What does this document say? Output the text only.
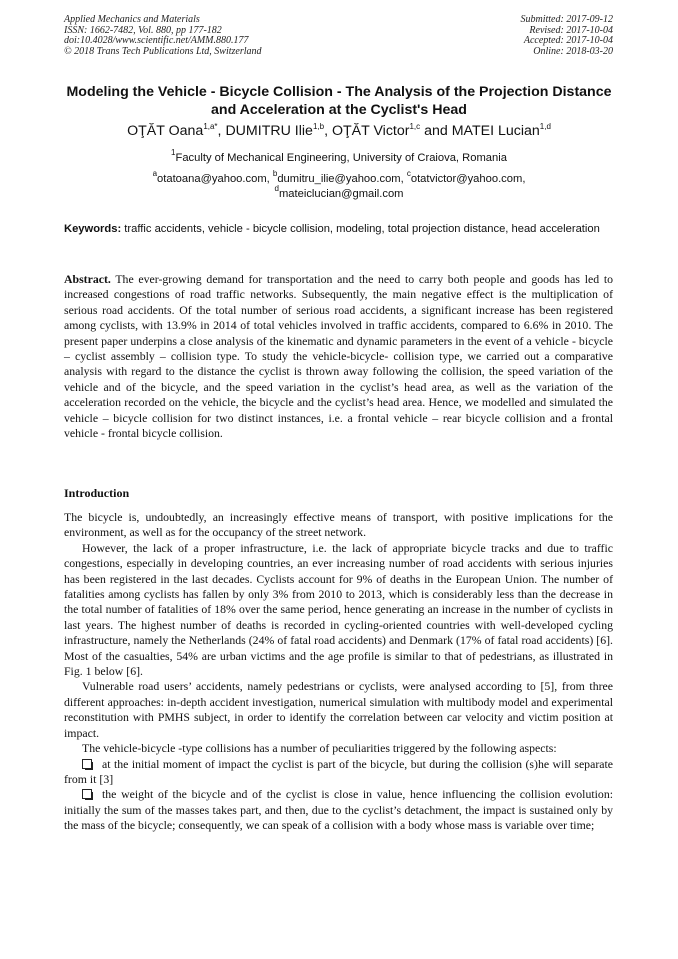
Applied Mechanics and Materials
ISSN: 1662-7482, Vol. 880, pp 177-182
doi:10.4028/www.scientific.net/AMM.880.177
© 2018 Trans Tech Publications Ltd, Switzerland
Submitted: 2017-09-12
Revised: 2017-10-04
Accepted: 2017-10-04
Online: 2018-03-20
Modeling the Vehicle - Bicycle Collision - The Analysis of the Projection Distance and Acceleration at the Cyclist's Head
OŢĂT Oana$^{1,a*}$, DUMITRU Ilie$^{1,b}$, OŢĂT Victor$^{1,c}$ and MATEI Lucian$^{1,d}$
$^1$Faculty of Mechanical Engineering, University of Craiova, Romania
$^a$otatoana@yahoo.com, $^b$dumitru_ilie@yahoo.com, $^c$otatvictor@yahoo.com,
$^d$mateiclucian@gmail.com
Keywords: traffic accidents, vehicle - bicycle collision, modeling, total projection distance, head acceleration

Abstract. The ever-growing demand for transportation and the need to carry both people and goods has led to increased congestions of road traffic networks. Subsequently, the main negative effect is the multiplication of serious road accidents. Of the total number of serious road accidents, a significant increase has been registered among cyclists, with 13.9% in 2014 of total vehicles involved in traffic accidents, compared to 6.6% in 2010. The present paper underpins a close analysis of the kinematic and dynamic parameters in the event of a vehicle - bicycle – cyclist assembly – collision type. To study the vehicle-bicycle- collision type, we carried out a comparative analysis with regard to the distance the cyclist is thrown away following the collision, the speed variation of the vehicle and of the bicycle, and the speed variation in the cyclist’s head area, as well as the variation of the acceleration recorded on the vehicle, the bicycle and the cyclist’s head area. Hence, we modelled and simulated the vehicle – bicycle collision for two distinct instances, i.e. a frontal vehicle – rear bicycle collision and a frontal vehicle - frontal bicycle collision.

Introduction

The bicycle is, undoubtedly, an increasingly effective means of transport, with positive implications for the environment, as well as for the occupancy of the street network.

However, the lack of a proper infrastructure, i.e. the lack of appropriate bicycle tracks and due to traffic congestions, especially in developing countries, an ever increasing number of road accidents with serious injuries has been registered in the last decades. Cyclists account for 9% of deaths in the European Union. The number of fatalities among cyclists has fallen by only 3% from 2010 to 2013, which is considerably less than the decrease in the total number of fatalities of 18% over the same period, hence generating an increase in the number of cyclists in last years. The highest number of deaths is recorded in cycling-oriented countries with well-developed cycling infrastructure, namely the Netherlands (24% of fatal road accidents) and Denmark (17% of fatal road accidents) [6]. Most of the casualties, 54% are urban victims and the age profile is similar to that of pedestrians, as illustrated in Fig. 1 below [6].

Vulnerable road users’ accidents, namely pedestrians or cyclists, were analysed according to [5], from three different approaches: in-depth accident investigation, numerical simulation with multibody model and experimental reconstitution with PMHS subject, in order to identify the correlation between car velocity and victim position at impact.

The vehicle-bicycle -type collisions has a number of peculiarities triggered by the following aspects:

at the initial moment of impact the cyclist is part of the bicycle, but during the collision (s)he will separate from it [3]

the weight of the bicycle and of the cyclist is close in value, hence influencing the collision evolution: initially the sum of the masses takes part, and then, due to the cyclist’s detachment, the impact is sustained only by the mass of the bicycle; consequently, we can speak of a collision with a body whose mass is variable over time;
